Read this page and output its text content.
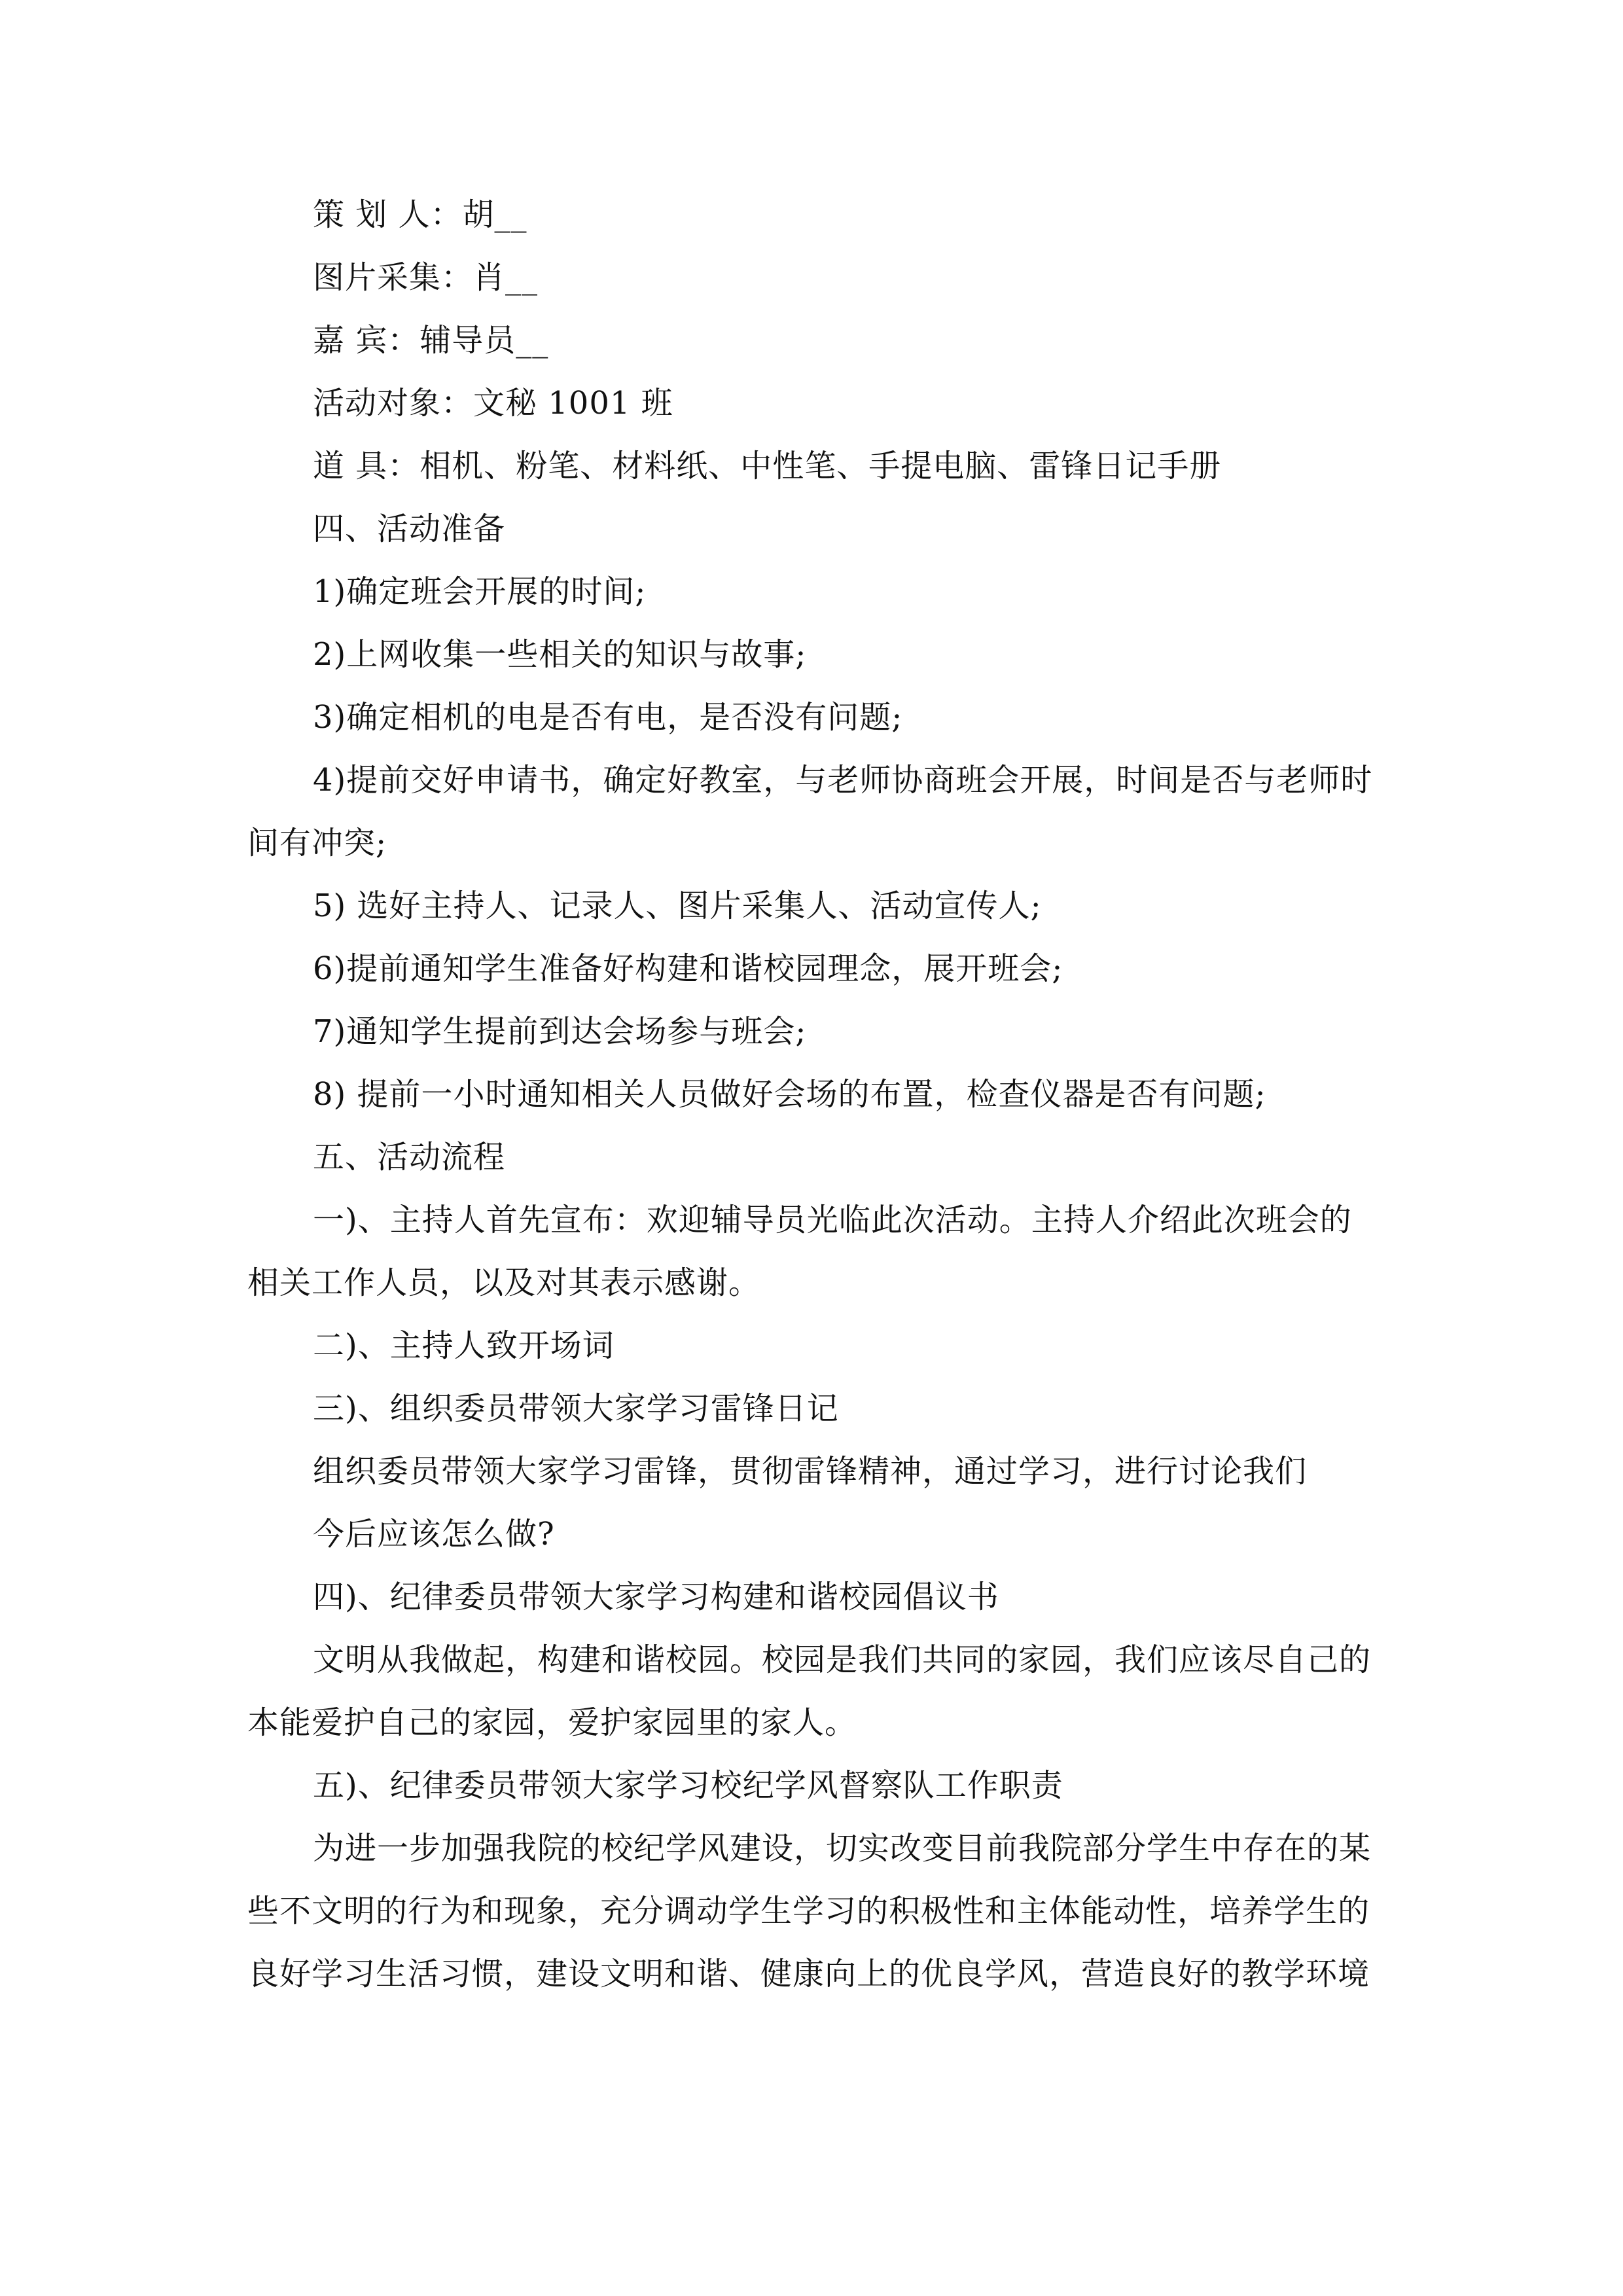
策 划 人：胡__

图片采集：肖__

嘉 宾：辅导员__

活动对象：文秘 1001 班

道 具：相机、粉笔、材料纸、中性笔、手提电脑、雷锋日记手册

四、活动准备

1)确定班会开展的时间;

2)上网收集一些相关的知识与故事;

3)确定相机的电是否有电，是否没有问题;

4)提前交好申请书，确定好教室，与老师协商班会开展，时间是否与老师时

间有冲突;

5) 选好主持人、记录人、图片采集人、活动宣传人;

6)提前通知学生准备好构建和谐校园理念，展开班会;

7)通知学生提前到达会场参与班会;

8) 提前一小时通知相关人员做好会场的布置，检查仪器是否有问题;

五、活动流程

一)、主持人首先宣布：欢迎辅导员光临此次活动。主持人介绍此次班会的

相关工作人员，以及对其表示感谢。

二)、主持人致开场词

三)、组织委员带领大家学习雷锋日记

组织委员带领大家学习雷锋，贯彻雷锋精神，通过学习，进行讨论我们

今后应该怎么做?

四)、纪律委员带领大家学习构建和谐校园倡议书

文明从我做起，构建和谐校园。校园是我们共同的家园，我们应该尽自己的

本能爱护自己的家园，爱护家园里的家人。

五)、纪律委员带领大家学习校纪学风督察队工作职责

为进一步加强我院的校纪学风建设，切实改变目前我院部分学生中存在的某

些不文明的行为和现象，充分调动学生学习的积极性和主体能动性，培养学生的

良好学习生活习惯，建设文明和谐、健康向上的优良学风，营造良好的教学环境
